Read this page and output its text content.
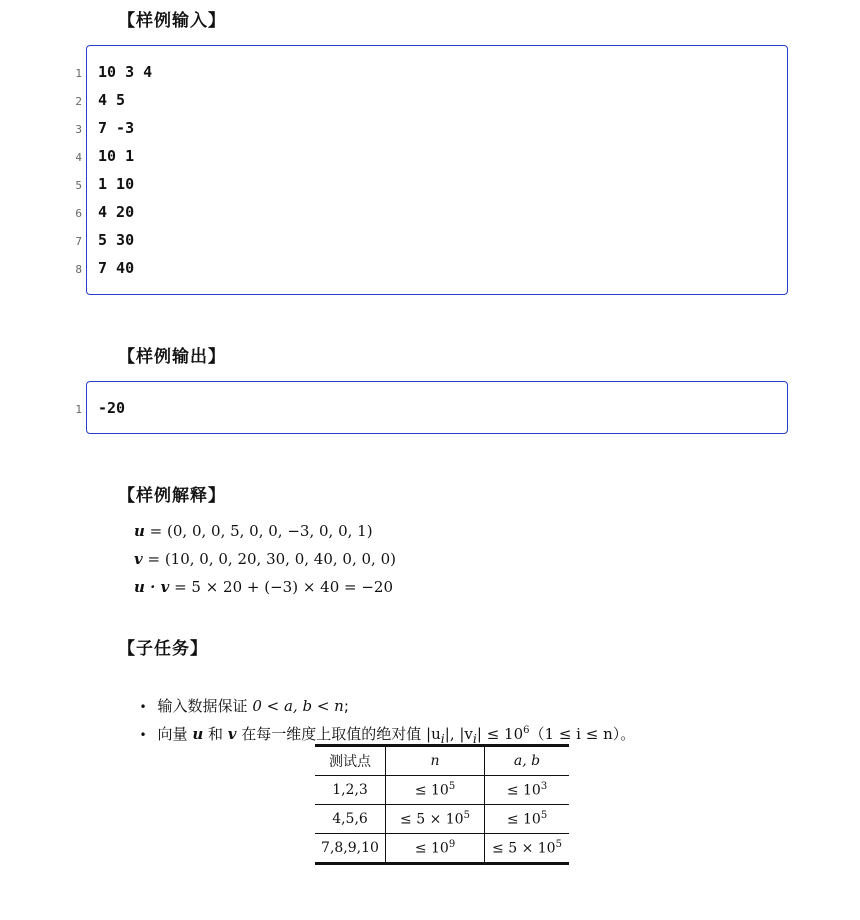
【样例输入】
1 10 3 4
2 4 5
3 7 -3
4 10 1
5 1 10
6 4 20
7 5 30
8 7 40
【样例输出】
1 -20
【样例解释】
u = (0, 0, 0, 5, 0, 0, −3, 0, 0, 1)
v = (10, 0, 0, 20, 30, 0, 40, 0, 0, 0)
u · v = 5 × 20 + (−3) × 40 = −20
【子任务】

• 输入数据保证 0 < a, b < n;

• 向量 u 和 v 在每一维度上取值的绝对值 $|u_i|$, $|v_i| \le 10^6(1 \le i \le n)$。

测试点	n	a, b
1,2,3	≤ $10^5$	≤ $10^3$
4,5,6	≤ $5 \times 10^5$	≤ $10^5$
7,8,9,10	≤ $10^9$	≤ $5 \times 10^5$
